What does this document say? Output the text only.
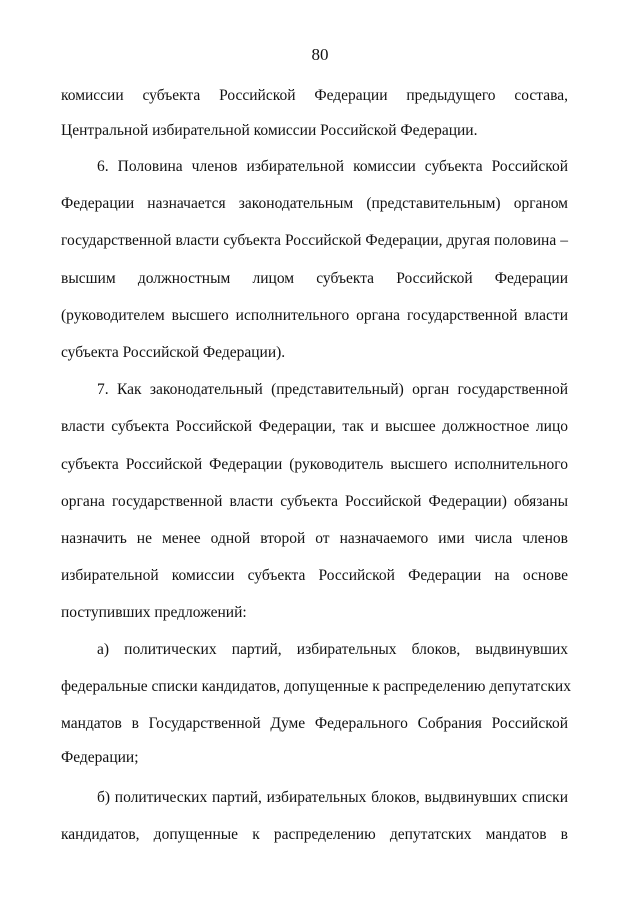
80
комиссии субъекта Российской Федерации предыдущего состава,
Центральной избирательной комиссии Российской Федерации.
6. Половина членов избирательной комиссии субъекта Российской
Федерации назначается законодательным (представительным) органом
государственной власти субъекта Российской Федерации, другая половина –
высшим должностным лицом субъекта Российской Федерации
(руководителем высшего исполнительного органа государственной власти
субъекта Российской Федерации).
7. Как законодательный (представительный) орган государственной
власти субъекта Российской Федерации, так и высшее должностное лицо
субъекта Российской Федерации (руководитель высшего исполнительного
органа государственной власти субъекта Российской Федерации) обязаны
назначить не менее одной второй от назначаемого ими числа членов
избирательной комиссии субъекта Российской Федерации на основе
поступивших предложений:
а) политических партий, избирательных блоков, выдвинувших
федеральные списки кандидатов, допущенные к распределению депутатских
мандатов в Государственной Думе Федерального Собрания Российской
Федерации;
б) политических партий, избирательных блоков, выдвинувших списки
кандидатов, допущенные к распределению депутатских мандатов в
